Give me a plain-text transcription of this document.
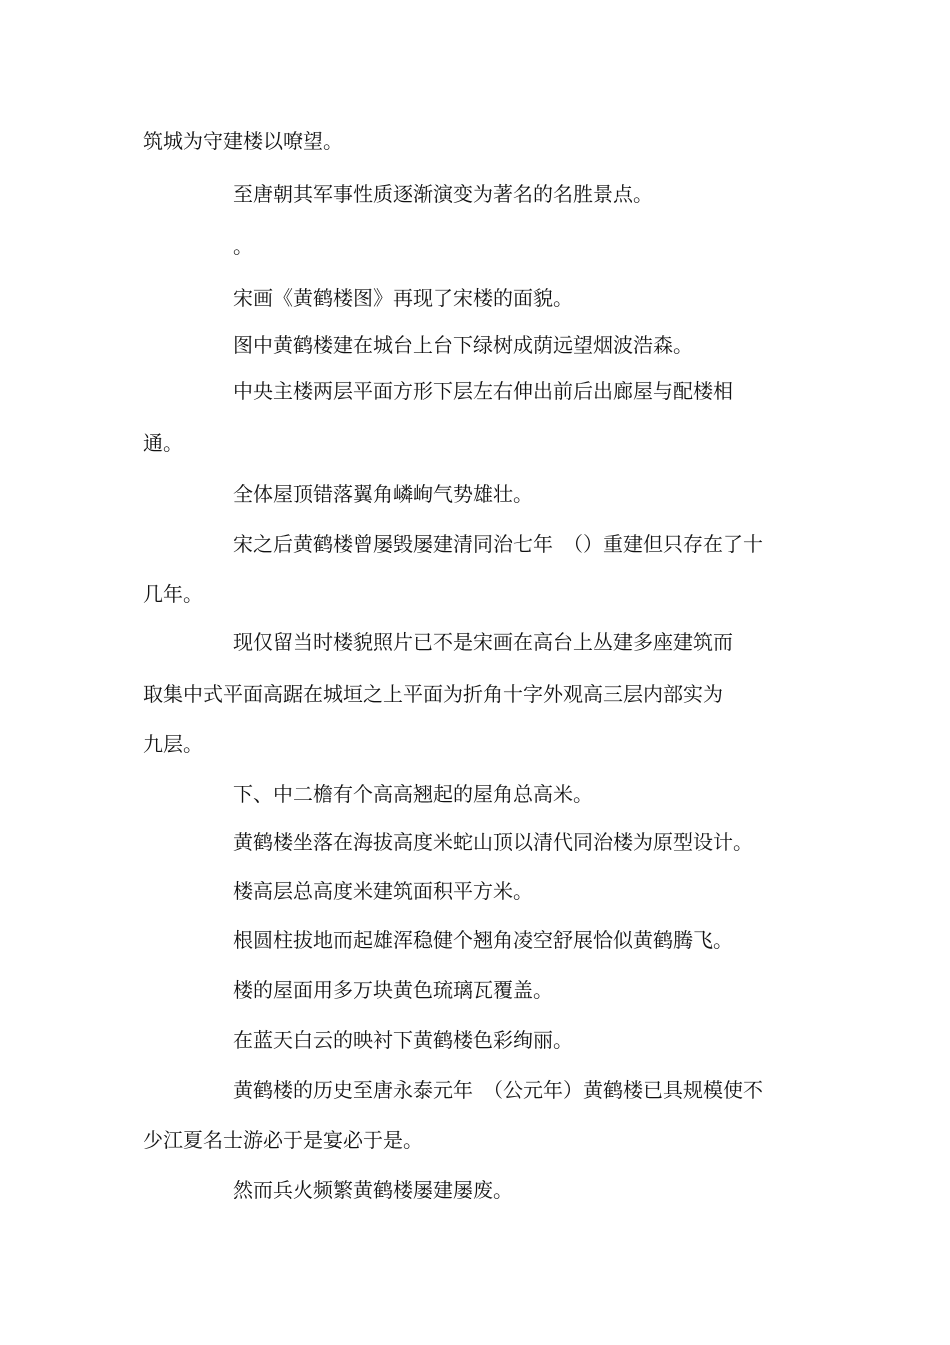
筑城为守建楼以嘹望。
至唐朝其军事性质逐渐演变为著名的名胜景点。
。
宋画《黄鹤楼图》再现了宋楼的面貌。
图中黄鹤楼建在城台上台下绿树成荫远望烟波浩森。
中央主楼两层平面方形下层左右伸出前后出廊屋与配楼相
通。
全体屋顶错落翼角嶙峋气势雄壮。
宋之后黄鹤楼曾屡毁屡建清同治七年　（）重建但只存在了十
几年。
现仅留当时楼貌照片已不是宋画在高台上丛建多座建筑而
取集中式平面高踞在城垣之上平面为折角十字外观高三层内部实为
九层。
下、中二檐有个高高翘起的屋角总高米。
黄鹤楼坐落在海拔高度米蛇山顶以清代同治楼为原型设计。
楼高层总高度米建筑面积平方米。
根圆柱拔地而起雄浑稳健个翘角凌空舒展恰似黄鹤腾飞。
楼的屋面用多万块黄色琉璃瓦覆盖。
在蓝天白云的映衬下黄鹤楼色彩绚丽。
黄鹤楼的历史至唐永泰元年　（公元年）黄鹤楼已具规模使不
少江夏名士游必于是宴必于是。
然而兵火频繁黄鹤楼屡建屡废。
